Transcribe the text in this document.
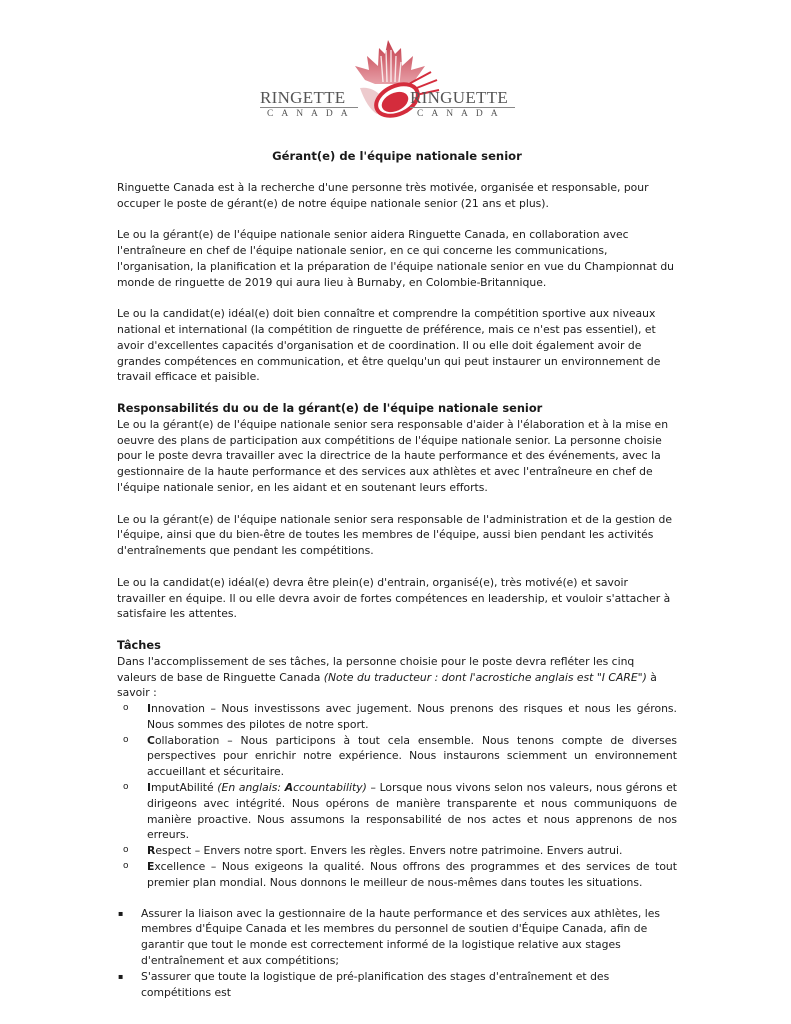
RINGETTE	RINGUETTE
CANADA	CANADA
Gérant(e) de l'équipe nationale senior

Ringuette Canada est à la recherche d'une personne très motivée, organisée et responsable, pour occuper le poste de gérant(e) de notre équipe nationale senior (21 ans et plus).

Le ou la gérant(e) de l'équipe nationale senior aidera Ringuette Canada, en collaboration avec l'entraîneure en chef de l'équipe nationale senior, en ce qui concerne les communications, l'organisation, la planification et la préparation de l'équipe nationale senior en vue du Championnat du monde de ringuette de 2019 qui aura lieu à Burnaby, en Colombie-Britannique.

Le ou la candidat(e) idéal(e) doit bien connaître et comprendre la compétition sportive aux niveaux national et international (la compétition de ringuette de préférence, mais ce n'est pas essentiel), et avoir d'excellentes capacités d'organisation et de coordination. Il ou elle doit également avoir de grandes compétences en communication, et être quelqu'un qui peut instaurer un environnement de travail efficace et paisible.

Responsabilités du ou de la gérant(e) de l'équipe nationale senior

Le ou la gérant(e) de l'équipe nationale senior sera responsable d'aider à l'élaboration et à la mise en oeuvre des plans de participation aux compétitions de l'équipe nationale senior. La personne choisie pour le poste devra travailler avec la directrice de la haute performance et des événements, avec la gestionnaire de la haute performance et des services aux athlètes et avec l'entraîneure en chef de l'équipe nationale senior, en les aidant et en soutenant leurs efforts.

Le ou la gérant(e) de l'équipe nationale senior sera responsable de l'administration et de la gestion de l'équipe, ainsi que du bien-être de toutes les membres de l'équipe, aussi bien pendant les activités d'entraînements que pendant les compétitions.

Le ou la candidat(e) idéal(e) devra être plein(e) d'entrain, organisé(e), très motivé(e) et savoir travailler en équipe. Il ou elle devra avoir de fortes compétences en leadership, et vouloir s'attacher à satisfaire les attentes.

Tâches
Dans l'accomplissement de ses tâches, la personne choisie pour le poste devra refléter les cinq valeurs de base de Ringuette Canada (Note du traducteur : dont l'acrostiche anglais est "I CARE") à savoir :
o Innovation – Nous investissons avec jugement. Nous prenons des risques et nous les gérons. Nous sommes des pilotes de notre sport.
o Collaboration – Nous participons à tout cela ensemble. Nous tenons compte de diverses perspectives pour enrichir notre expérience. Nous instaurons sciemment un environnement accueillant et sécuritaire.
o ImputAbilité (En anglais: Accountability) – Lorsque nous vivons selon nos valeurs, nous gérons et dirigeons avec intégrité. Nous opérons de manière transparente et nous communiquons de manière proactive. Nous assumons la responsabilité de nos actes et nous apprenons de nos erreurs.
o Respect – Envers notre sport. Envers les règles. Envers notre patrimoine. Envers autrui.
o Excellence – Nous exigeons la qualité. Nous offrons des programmes et des services de tout premier plan mondial. Nous donnons le meilleur de nous-mêmes dans toutes les situations.
▪ Assurer la liaison avec la gestionnaire de la haute performance et des services aux athlètes, les membres d'Équipe Canada et les membres du personnel de soutien d'Équipe Canada, afin de garantir que tout le monde est correctement informé de la logistique relative aux stages d'entraînement et aux compétitions;
▪ S'assurer que toute la logistique de pré-planification des stages d'entraînement et des compétitions est
